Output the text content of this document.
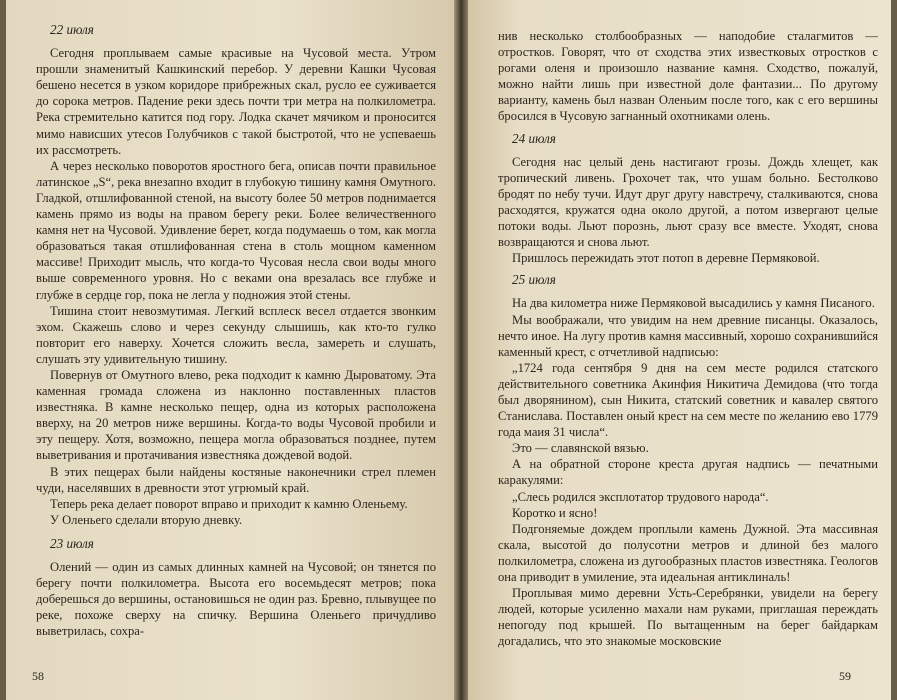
22 июля

Сегодня проплываем самые красивые на Чусовой места. Утром прошли знаменитый Кашкинский перебор. У деревни Кашки Чусовая бешено несется в узком коридоре прибрежных скал, русло ее суживается до сорока метров. Падение реки здесь почти три метра на полкилометра. Река стремительно катится под гору. Лодка скачет мячиком и проносится мимо нависших утесов Голубчиков с такой быстротой, что не успеваешь их рассмотреть.

А через несколько поворотов яростного бега, описав почти правильное латинское „S“, река внезапно входит в глубокую тишину камня Омутного. Гладкой, отшлифованной стеной, на высоту более 50 метров поднимается камень прямо из воды на правом берегу реки. Более величественного камня нет на Чусовой. Удивление берет, когда подумаешь о том, как могла образоваться такая отшлифованная стена в столь мощном каменном массиве! Приходит мысль, что когда-то Чусовая несла свои воды много выше современного уровня. Но с веками она врезалась все глубже и глубже в сердце гор, пока не легла у подножия этой стены.

Тишина стоит невозмутимая. Легкий всплеск весел отдается звонким эхом. Скажешь слово и через секунду слышишь, как кто-то гулко повторит его наверху. Хочется сложить весла, замереть и слушать, слушать эту удивительную тишину.

Повернув от Омутного влево, река подходит к камню Дыроватому. Эта каменная громада сложена из наклонно поставленных пластов известняка. В камне несколько пещер, одна из которых расположена вверху, на 20 метров ниже вершины. Когда-то воды Чусовой пробили и эту пещеру. Хотя, возможно, пещера могла образоваться позднее, путем выветривания и протачивания известняка дождевой водой.

В этих пещерах были найдены костяные наконечники стрел племен чуди, населявших в древности этот угрюмый край.

Теперь река делает поворот вправо и приходит к камню Оленьему.

У Оленьего сделали вторую дневку.

23 июля

Олений — один из самых длинных камней на Чусовой; он тянется по берегу почти полкилометра. Высота его восемьдесят метров; пока доберешься до вершины, остановишься не один раз. Бревно, плывущее по реке, похоже сверху на спичку. Вершина Оленьего причудливо выветрилась, сохра-

58

нив несколько столбообразных — наподобие сталагмитов — отростков. Говорят, что от сходства этих известковых отростков с рогами оленя и произошло название камня. Сходство, пожалуй, можно найти лишь при известной доле фантазии... По другому варианту, камень был назван Оленьим после того, как с его вершины бросился в Чусовую загнанный охотниками олень.

24 июля

Сегодня нас целый день настигают грозы. Дождь хлещет, как тропический ливень. Грохочет так, что ушам больно. Бестолково бродят по небу тучи. Идут друг другу навстречу, сталкиваются, снова расходятся, кружатся одна около другой, а потом извергают целые потоки воды. Льют порознь, льют сразу все вместе. Уходят, снова возвращаются и снова льют.

Пришлось пережидать этот потоп в деревне Пермяковой.

25 июля

На два километра ниже Пермяковой высадились у камня Писаного.

Мы воображали, что увидим на нем древние писанцы. Оказалось, нечто иное. На лугу против камня массивный, хорошо сохранившийся каменный крест, с отчетливой надписью:

„1724 года сентября 9 дня на сем месте родился статского действительного советника Акинфия Никитича Демидова (что тогда был дворянином), сын Никита, статский советник и кавалер святого Станислава. Поставлен оный крест на сем месте по желанию ево 1779 года маия 31 числа“.

Это — славянской вязью.

А на обратной стороне креста другая надпись — печатными каракулями:

„Слесь родился эксплотатор трудового народа“.

Коротко и ясно!

Подгоняемые дождем проплыли камень Дужной. Эта массивная скала, высотой до полусотни метров и длиной без малого полкилометра, сложена из дугообразных пластов известняка. Геологов она приводит в умиление, эта идеальная антиклиналь!

Проплывая мимо деревни Усть-Серебрянки, увидели на берегу людей, которые усиленно махали нам руками, приглашая переждать непогоду под крышей. По вытащенным на берег байдаркам догадались, что это знакомые московские

59
